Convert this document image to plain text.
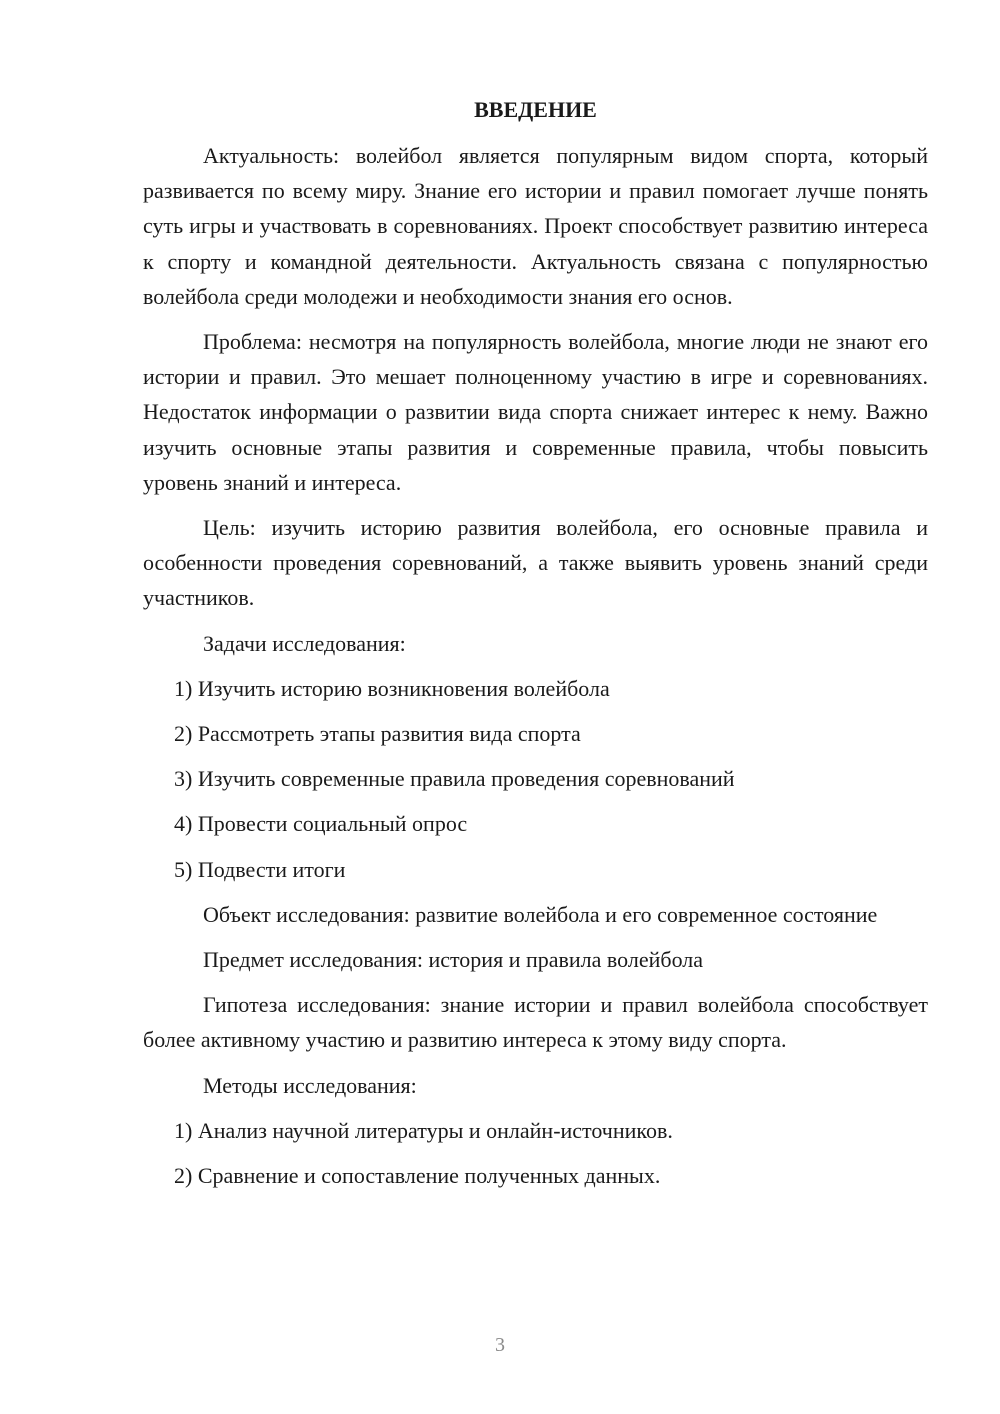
ВВЕДЕНИЕ

Актуальность: волейбол является популярным видом спорта, который развивается по всему миру. Знание его истории и правил помогает лучше понять суть игры и участвовать в соревнованиях. Проект способствует развитию интереса к спорту и командной деятельности. Актуальность связана с популярностью волейбола среди молодежи и необходимости знания его основ.

Проблема: несмотря на популярность волейбола, многие люди не знают его истории и правил. Это мешает полноценному участию в игре и соревнованиях. Недостаток информации о развитии вида спорта снижает интерес к нему. Важно изучить основные этапы развития и современные правила, чтобы повысить уровень знаний и интереса.

Цель: изучить историю развития волейбола, его основные правила и особенности проведения соревнований, а также выявить уровень знаний среди участников.

Задачи исследования:

1) Изучить историю возникновения волейбола
2) Рассмотреть этапы развития вида спорта
3) Изучить современные правила проведения соревнований
4) Провести социальный опрос
5) Подвести итоги

Объект исследования: развитие волейбола и его современное состояние

Предмет исследования: история и правила волейбола

Гипотеза исследования: знание истории и правил волейбола способствует более активному участию и развитию интереса к этому виду спорта.

Методы исследования:

1) Анализ научной литературы и онлайн-источников.
2) Сравнение и сопоставление полученных данных.
3
